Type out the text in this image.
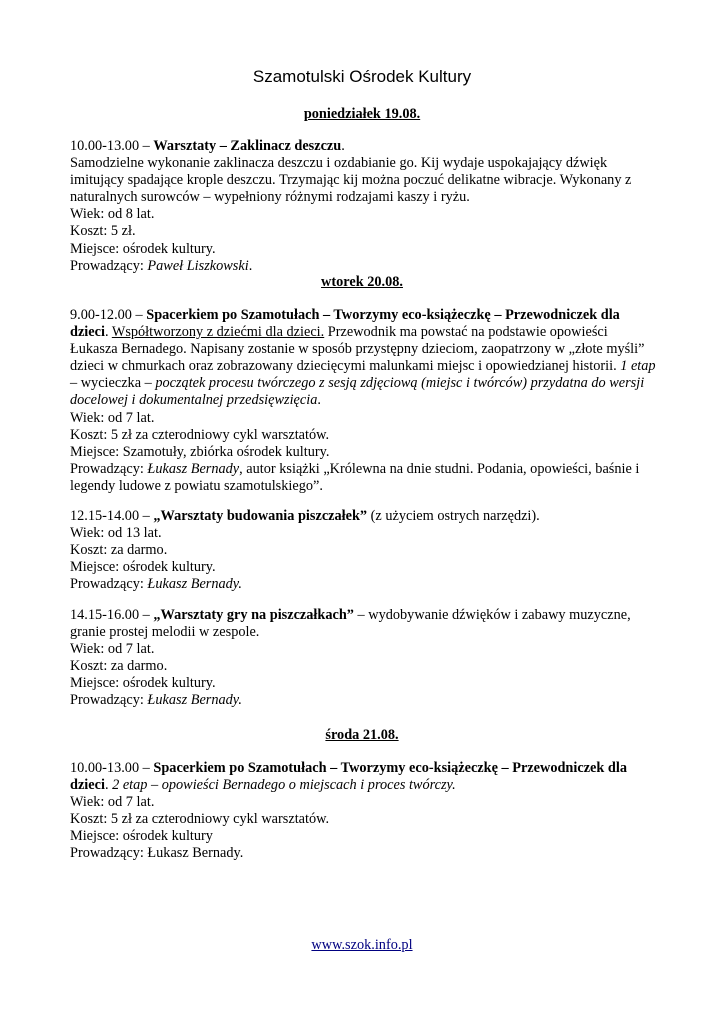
Szamotulski Ośrodek Kultury
poniedziałek 19.08.

10.00-13.00 – Warsztaty – Zaklinacz deszczu.

Samodzielne wykonanie zaklinacza deszczu i ozdabianie go. Kij wydaje uspokajający dźwięk imitujący spadające krople deszczu. Trzymając kij można poczuć delikatne wibracje. Wykonany z naturalnych surowców – wypełniony różnymi rodzajami kaszy i ryżu.

Wiek: od 8 lat.

Koszt: 5 zł.

Miejsce: ośrodek kultury.

Prowadzący: Paweł Liszkowski.

wtorek 20.08.

9.00-12.00 – Spacerkiem po Szamotułach – Tworzymy eco-książeczkę – Przewodniczek dla dzieci. Współtworzony z dziećmi dla dzieci. Przewodnik ma powstać na podstawie opowieści Łukasza Bernadego. Napisany zostanie w sposób przystępny dzieciom, zaopatrzony w „złote myśli” dzieci w chmurkach oraz zobrazowany dziecięcymi malunkami miejsc i opowiedzianej historii. 1 etap – wycieczka – początek procesu twórczego z sesją zdjęciową (miejsc i twórców) przydatna do wersji docelowej i dokumentalnej przedsięwzięcia.

Wiek: od 7 lat.

Koszt: 5 zł za czterodniowy cykl warsztatów.

Miejsce: Szamotuły, zbiórka ośrodek kultury.

Prowadzący: Łukasz Bernady, autor książki „Królewna na dnie studni. Podania, opowieści, baśnie i legendy ludowe z powiatu szamotulskiego”.

12.15-14.00 – „Warsztaty budowania piszczałek” (z użyciem ostrych narzędzi).

Wiek: od 13 lat.

Koszt: za darmo.

Miejsce: ośrodek kultury.

Prowadzący: Łukasz Bernady.

14.15-16.00 – „Warsztaty gry na piszczałkach” – wydobywanie dźwięków i zabawy muzyczne, granie prostej melodii w zespole.

Wiek: od 7 lat.

Koszt: za darmo.

Miejsce: ośrodek kultury.

Prowadzący: Łukasz Bernady.

środa 21.08.

10.00-13.00 – Spacerkiem po Szamotułach – Tworzymy eco-książeczkę – Przewodniczek dla dzieci. 2 etap – opowieści Bernadego o miejscach i proces twórczy.

Wiek: od 7 lat.

Koszt: 5 zł za czterodniowy cykl warsztatów.

Miejsce: ośrodek kultury

Prowadzący: Łukasz Bernady.

www.szok.info.pl
